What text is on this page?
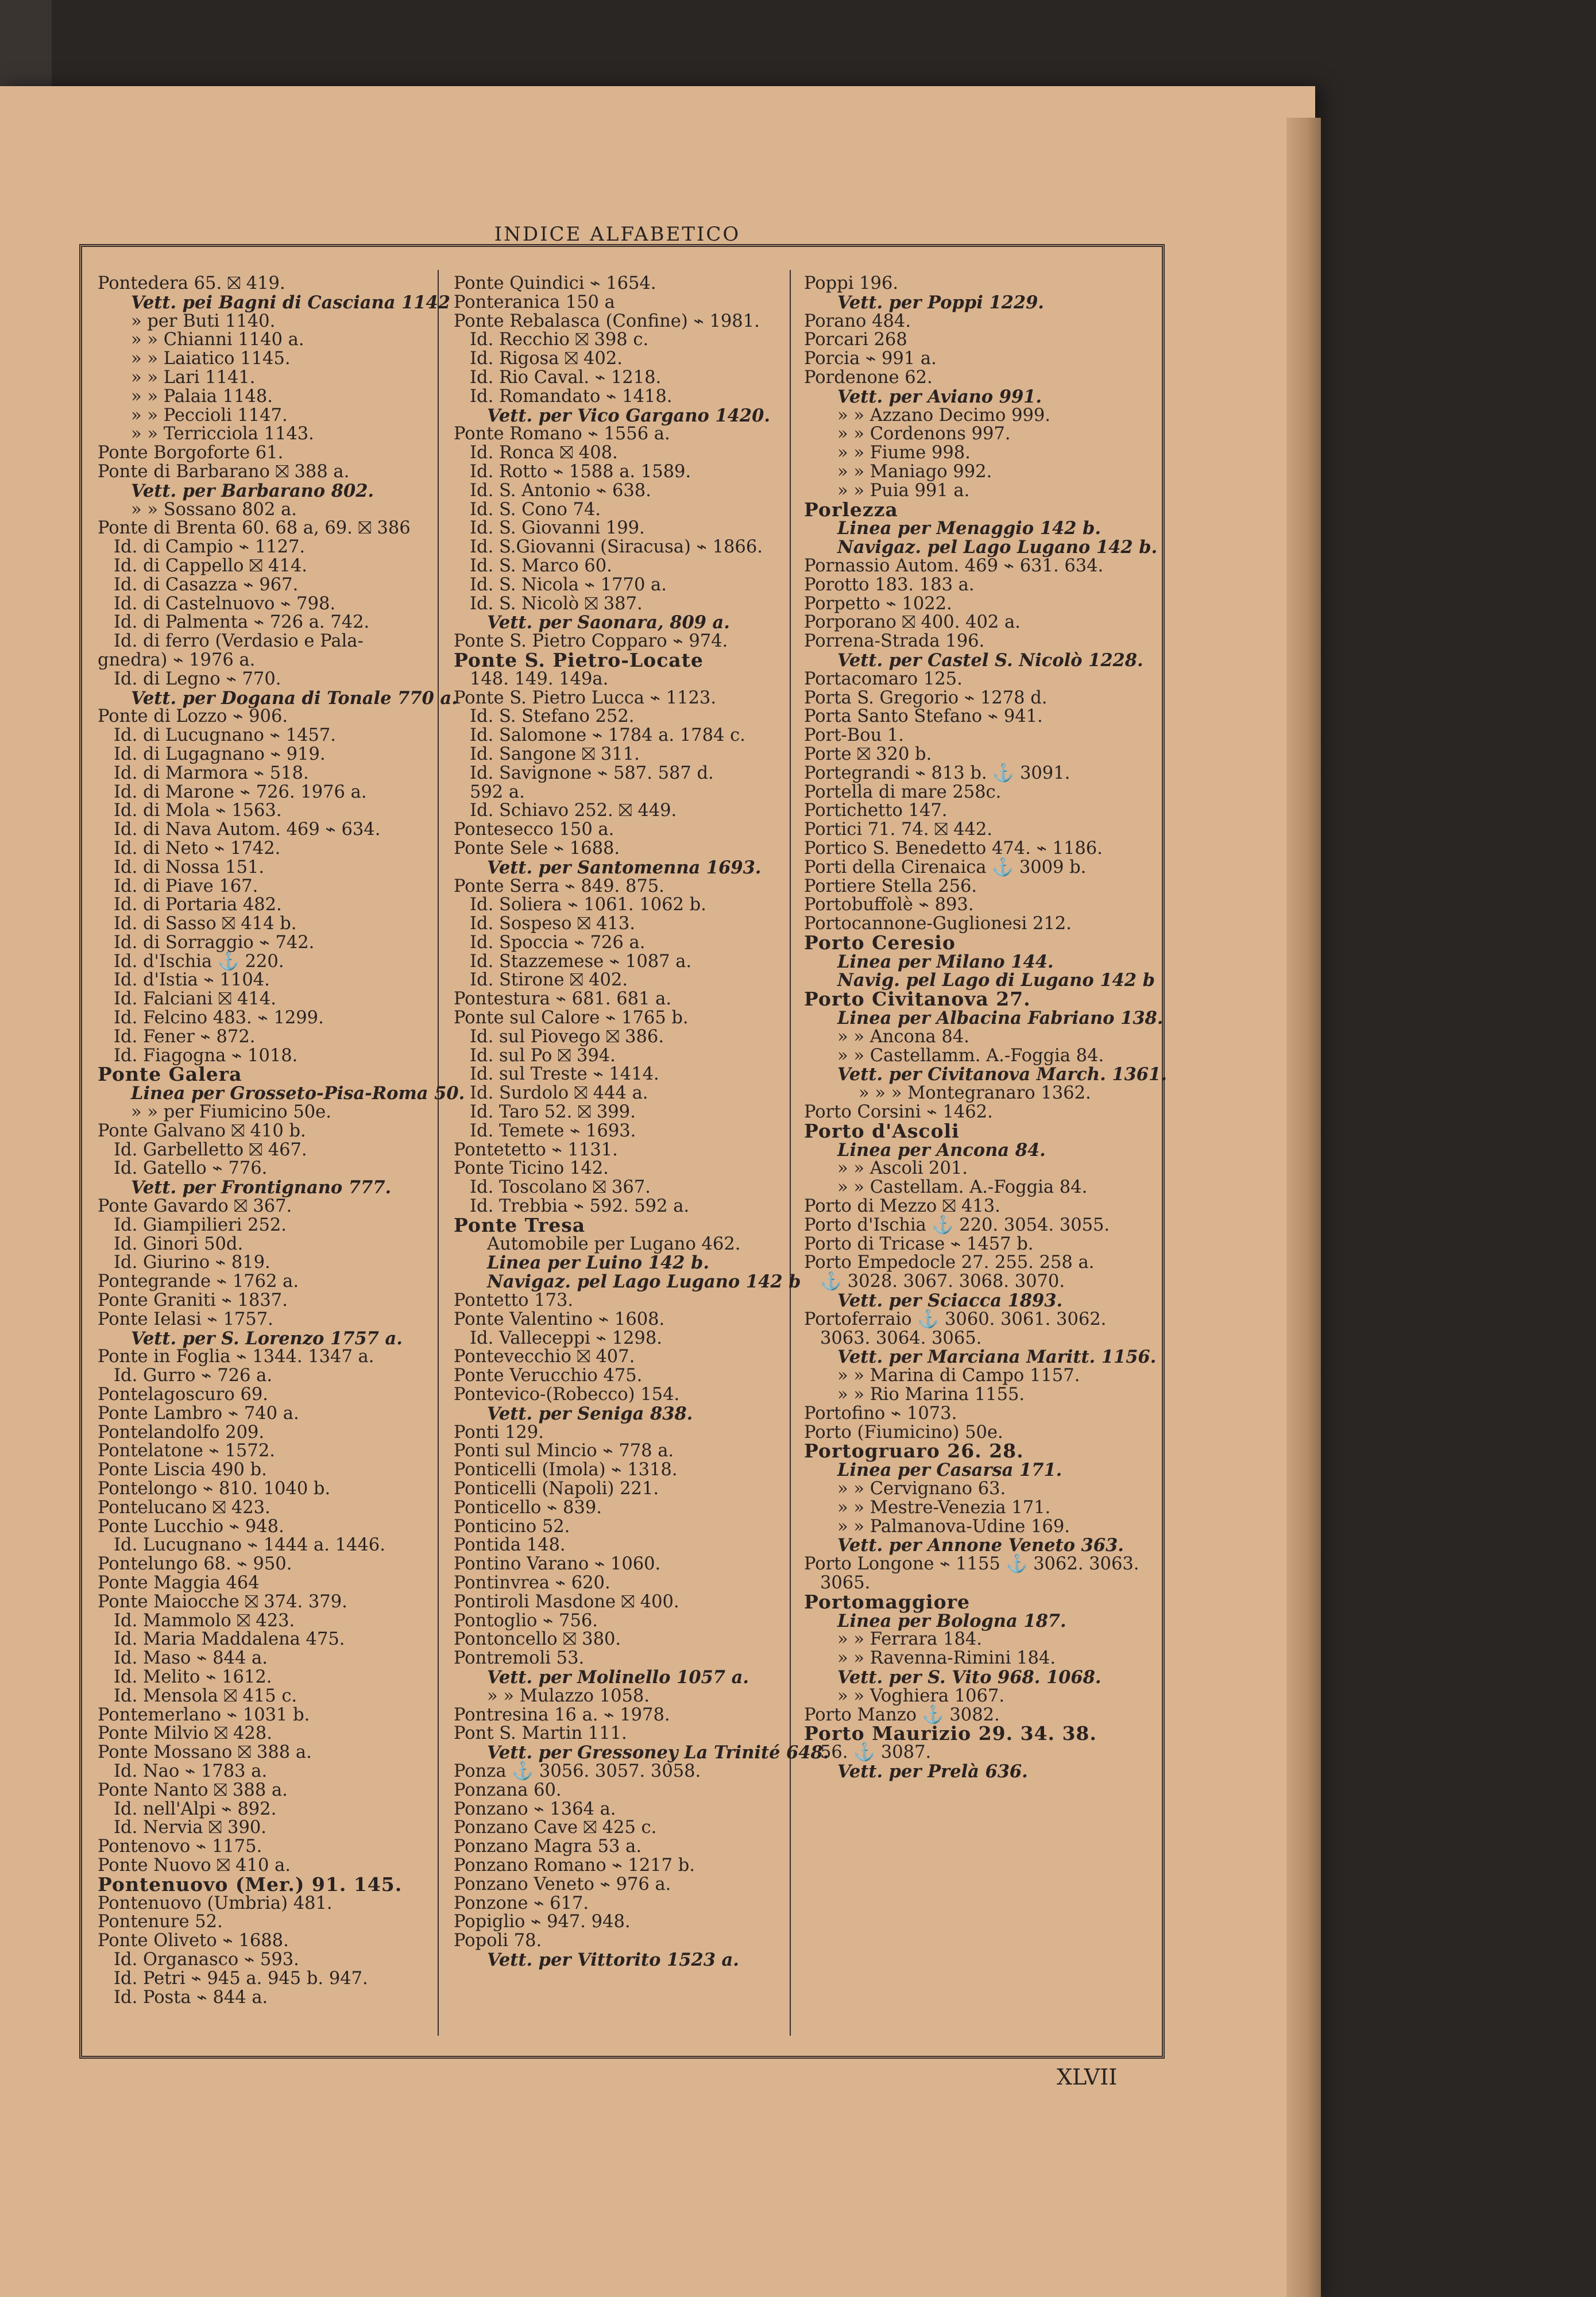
INDICE ALFABETICO
Pontedera 65. ⛝ 419.
Vett. pei Bagni di Casciana 1142
» per Buti 1140.
» » Chianni 1140 a.
» » Laiatico 1145.
» » Lari 1141.
» » Palaia 1148.
» » Peccioli 1147.
» » Terricciola 1143.
Ponte Borgoforte 61.
Ponte di Barbarano ⛝ 388 a.
Vett. per Barbarano 802.
» » Sossano 802 a.
Ponte di Brenta 60. 68 a, 69. ⛝ 386
Id. di Campio ⌁ 1127.
Id. di Cappello ⛝ 414.
Id. di Casazza ⌁ 967.
Id. di Castelnuovo ⌁ 798.
Id. di Palmenta ⌁ 726 a. 742.
Id. di ferro (Verdasio e Pala-
gnedra) ⌁ 1976 a.
Id. di Legno ⌁ 770.
Vett. per Dogana di Tonale 770 a.
Ponte di Lozzo ⌁ 906.
Id. di Lucugnano ⌁ 1457.
Id. di Lugagnano ⌁ 919.
Id. di Marmora ⌁ 518.
Id. di Marone ⌁ 726. 1976 a.
Id. di Mola ⌁ 1563.
Id. di Nava Autom. 469 ⌁ 634.
Id. di Neto ⌁ 1742.
Id. di Nossa 151.
Id. di Piave 167.
Id. di Portaria 482.
Id. di Sasso ⛝ 414 b.
Id. di Sorraggio ⌁ 742.
Id. d'Ischia ⚓ 220.
Id. d'Istia ⌁ 1104.
Id. Falciani ⛝ 414.
Id. Felcino 483. ⌁ 1299.
Id. Fener ⌁ 872.
Id. Fiagogna ⌁ 1018.
Ponte Galera
Linea per Grosseto-Pisa-Roma 50.
» » per Fiumicino 50e.
Ponte Galvano ⛝ 410 b.
Id. Garbelletto ⛝ 467.
Id. Gatello ⌁ 776.
Vett. per Frontignano 777.
Ponte Gavardo ⛝ 367.
Id. Giampilieri 252.
Id. Ginori 50d.
Id. Giurino ⌁ 819.
Pontegrande ⌁ 1762 a.
Ponte Graniti ⌁ 1837.
Ponte Ielasi ⌁ 1757.
Vett. per S. Lorenzo 1757 a.
Ponte in Foglia ⌁ 1344. 1347 a.
Id. Gurro ⌁ 726 a.
Pontelagoscuro 69.
Ponte Lambro ⌁ 740 a.
Pontelandolfo 209.
Pontelatone ⌁ 1572.
Ponte Liscia 490 b.
Pontelongo ⌁ 810. 1040 b.
Pontelucano ⛝ 423.
Ponte Lucchio ⌁ 948.
Id. Lucugnano ⌁ 1444 a. 1446.
Pontelungo 68. ⌁ 950.
Ponte Maggia 464
Ponte Maiocche ⛝ 374. 379.
Id. Mammolo ⛝ 423.
Id. Maria Maddalena 475.
Id. Maso ⌁ 844 a.
Id. Melito ⌁ 1612.
Id. Mensola ⛝ 415 c.
Pontemerlano ⌁ 1031 b.
Ponte Milvio ⛝ 428.
Ponte Mossano ⛝ 388 a.
Id. Nao ⌁ 1783 a.
Ponte Nanto ⛝ 388 a.
Id. nell'Alpi ⌁ 892.
Id. Nervia ⛝ 390.
Pontenovo ⌁ 1175.
Ponte Nuovo ⛝ 410 a.
Pontenuovo (Mer.) 91. 145.
Pontenuovo (Umbria) 481.
Pontenure 52.
Ponte Oliveto ⌁ 1688.
Id. Organasco ⌁ 593.
Id. Petri ⌁ 945 a. 945 b. 947.
Id. Posta ⌁ 844 a.
Ponte Quindici ⌁ 1654.
Ponteranica 150 a
Ponte Rebalasca (Confine) ⌁ 1981.
Id. Recchio ⛝ 398 c.
Id. Rigosa ⛝ 402.
Id. Rio Caval. ⌁ 1218.
Id. Romandato ⌁ 1418.
Vett. per Vico Gargano 1420.
Ponte Romano ⌁ 1556 a.
Id. Ronca ⛝ 408.
Id. Rotto ⌁ 1588 a. 1589.
Id. S. Antonio ⌁ 638.
Id. S. Cono 74.
Id. S. Giovanni 199.
Id. S.Giovanni (Siracusa) ⌁ 1866.
Id. S. Marco 60.
Id. S. Nicola ⌁ 1770 a.
Id. S. Nicolò ⛝ 387.
Vett. per Saonara, 809 a.
Ponte S. Pietro Copparo ⌁ 974.
Ponte S. Pietro-Locate
148. 149. 149a.
Ponte S. Pietro Lucca ⌁ 1123.
Id. S. Stefano 252.
Id. Salomone ⌁ 1784 a. 1784 c.
Id. Sangone ⛝ 311.
Id. Savignone ⌁ 587. 587 d.
592 a.
Id. Schiavo 252. ⛝ 449.
Pontesecco 150 a.
Ponte Sele ⌁ 1688.
Vett. per Santomenna 1693.
Ponte Serra ⌁ 849. 875.
Id. Soliera ⌁ 1061. 1062 b.
Id. Sospeso ⛝ 413.
Id. Spoccia ⌁ 726 a.
Id. Stazzemese ⌁ 1087 a.
Id. Stirone ⛝ 402.
Pontestura ⌁ 681. 681 a.
Ponte sul Calore ⌁ 1765 b.
Id. sul Piovego ⛝ 386.
Id. sul Po ⛝ 394.
Id. sul Treste ⌁ 1414.
Id. Surdolo ⛝ 444 a.
Id. Taro 52. ⛝ 399.
Id. Temete ⌁ 1693.
Pontetetto ⌁ 1131.
Ponte Ticino 142.
Id. Toscolano ⛝ 367.
Id. Trebbia ⌁ 592. 592 a.
Ponte Tresa
Automobile per Lugano 462.
Linea per Luino 142 b.
Navigaz. pel Lago Lugano 142 b
Pontetto 173.
Ponte Valentino ⌁ 1608.
Id. Valleceppi ⌁ 1298.
Pontevecchio ⛝ 407.
Ponte Verucchio 475.
Pontevico-(Robecco) 154.
Vett. per Seniga 838.
Ponti 129.
Ponti sul Mincio ⌁ 778 a.
Ponticelli (Imola) ⌁ 1318.
Ponticelli (Napoli) 221.
Ponticello ⌁ 839.
Ponticino 52.
Pontida 148.
Pontino Varano ⌁ 1060.
Pontinvrea ⌁ 620.
Pontiroli Masdone ⛝ 400.
Pontoglio ⌁ 756.
Pontoncello ⛝ 380.
Pontremoli 53.
Vett. per Molinello 1057 a.
» » Mulazzo 1058.
Pontresina 16 a. ⌁ 1978.
Pont S. Martin 111.
Vett. per Gressoney La Trinité 648.
Ponza ⚓ 3056. 3057. 3058.
Ponzana 60.
Ponzano ⌁ 1364 a.
Ponzano Cave ⛝ 425 c.
Ponzano Magra 53 a.
Ponzano Romano ⌁ 1217 b.
Ponzano Veneto ⌁ 976 a.
Ponzone ⌁ 617.
Popiglio ⌁ 947. 948.
Popoli 78.
Vett. per Vittorito 1523 a.
Poppi 196.
Vett. per Poppi 1229.
Porano 484.
Porcari 268
Porcia ⌁ 991 a.
Pordenone 62.
Vett. per Aviano 991.
» » Azzano Decimo 999.
» » Cordenons 997.
» » Fiume 998.
» » Maniago 992.
» » Puia 991 a.
Porlezza
Linea per Menaggio 142 b.
Navigaz. pel Lago Lugano 142 b.
Pornassio Autom. 469 ⌁ 631. 634.
Porotto 183. 183 a.
Porpetto ⌁ 1022.
Porporano ⛝ 400. 402 a.
Porrena-Strada 196.
Vett. per Castel S. Nicolò 1228.
Portacomaro 125.
Porta S. Gregorio ⌁ 1278 d.
Porta Santo Stefano ⌁ 941.
Port-Bou 1.
Porte ⛝ 320 b.
Portegrandi ⌁ 813 b. ⚓ 3091.
Portella di mare 258c.
Portichetto 147.
Portici 71. 74. ⛝ 442.
Portico S. Benedetto 474. ⌁ 1186.
Porti della Cirenaica ⚓ 3009 b.
Portiere Stella 256.
Portobuffolè ⌁ 893.
Portocannone-Guglionesi 212.
Porto Ceresio
Linea per Milano 144.
Navig. pel Lago di Lugano 142 b
Porto Civitanova 27.
Linea per Albacina Fabriano 138.
» » Ancona 84.
» » Castellamm. A.-Foggia 84.
Vett. per Civitanova March. 1361.
» » » Montegranaro 1362.
Porto Corsini ⌁ 1462.
Porto d'Ascoli
Linea per Ancona 84.
» » Ascoli 201.
» » Castellam. A.-Foggia 84.
Porto di Mezzo ⛝ 413.
Porto d'Ischia ⚓ 220. 3054. 3055.
Porto di Tricase ⌁ 1457 b.
Porto Empedocle 27. 255. 258 a.
⚓ 3028. 3067. 3068. 3070.
Vett. per Sciacca 1893.
Portoferraio ⚓ 3060. 3061. 3062.
3063. 3064. 3065.
Vett. per Marciana Maritt. 1156.
» » Marina di Campo 1157.
» » Rio Marina 1155.
Portofino ⌁ 1073.
Porto (Fiumicino) 50e.
Portogruaro 26. 28.
Linea per Casarsa 171.
» » Cervignano 63.
» » Mestre-Venezia 171.
» » Palmanova-Udine 169.
Vett. per Annone Veneto 363.
Porto Longone ⌁ 1155 ⚓ 3062. 3063.
3065.
Portomaggiore
Linea per Bologna 187.
» » Ferrara 184.
» » Ravenna-Rimini 184.
Vett. per S. Vito 968. 1068.
» » Voghiera 1067.
Porto Manzo ⚓ 3082.
Porto Maurizio 29. 34. 38.
56. ⚓ 3087.
Vett. per Prelà 636.
XLVII
